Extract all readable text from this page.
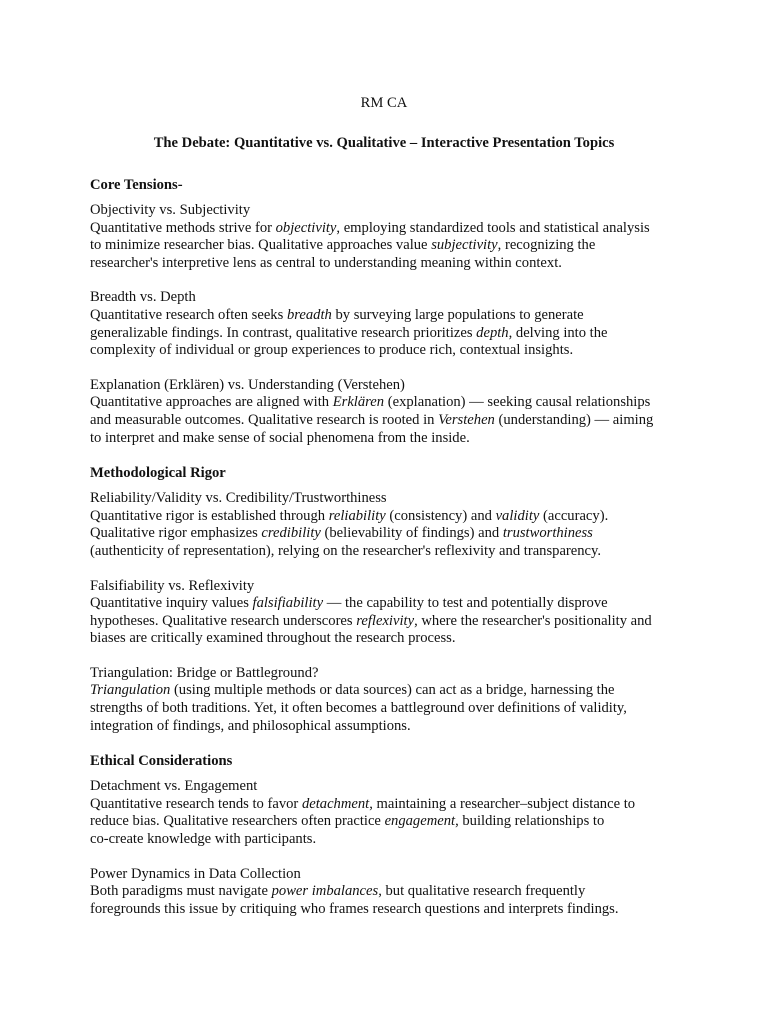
RM CA
The Debate: Quantitative vs. Qualitative – Interactive Presentation Topics
Core Tensions-
Objectivity vs. Subjectivity
Quantitative methods strive for objectivity, employing standardized tools and statistical analysis
to minimize researcher bias. Qualitative approaches value subjectivity, recognizing the
researcher's interpretive lens as central to understanding meaning within context.
Breadth vs. Depth
Quantitative research often seeks breadth by surveying large populations to generate
generalizable findings. In contrast, qualitative research prioritizes depth, delving into the
complexity of individual or group experiences to produce rich, contextual insights.
Explanation (Erklären) vs. Understanding (Verstehen)
Quantitative approaches are aligned with Erklären (explanation) — seeking causal relationships
and measurable outcomes. Qualitative research is rooted in Verstehen (understanding) — aiming
to interpret and make sense of social phenomena from the inside.
Methodological Rigor
Reliability/Validity vs. Credibility/Trustworthiness
Quantitative rigor is established through reliability (consistency) and validity (accuracy).
Qualitative rigor emphasizes credibility (believability of findings) and trustworthiness
(authenticity of representation), relying on the researcher's reflexivity and transparency.
Falsifiability vs. Reflexivity
Quantitative inquiry values falsifiability — the capability to test and potentially disprove
hypotheses. Qualitative research underscores reflexivity, where the researcher's positionality and
biases are critically examined throughout the research process.
Triangulation: Bridge or Battleground?
Triangulation (using multiple methods or data sources) can act as a bridge, harnessing the
strengths of both traditions. Yet, it often becomes a battleground over definitions of validity,
integration of findings, and philosophical assumptions.
Ethical Considerations
Detachment vs. Engagement
Quantitative research tends to favor detachment, maintaining a researcher–subject distance to
reduce bias. Qualitative researchers often practice engagement, building relationships to
co-create knowledge with participants.
Power Dynamics in Data Collection
Both paradigms must navigate power imbalances, but qualitative research frequently
foregrounds this issue by critiquing who frames research questions and interprets findings.
